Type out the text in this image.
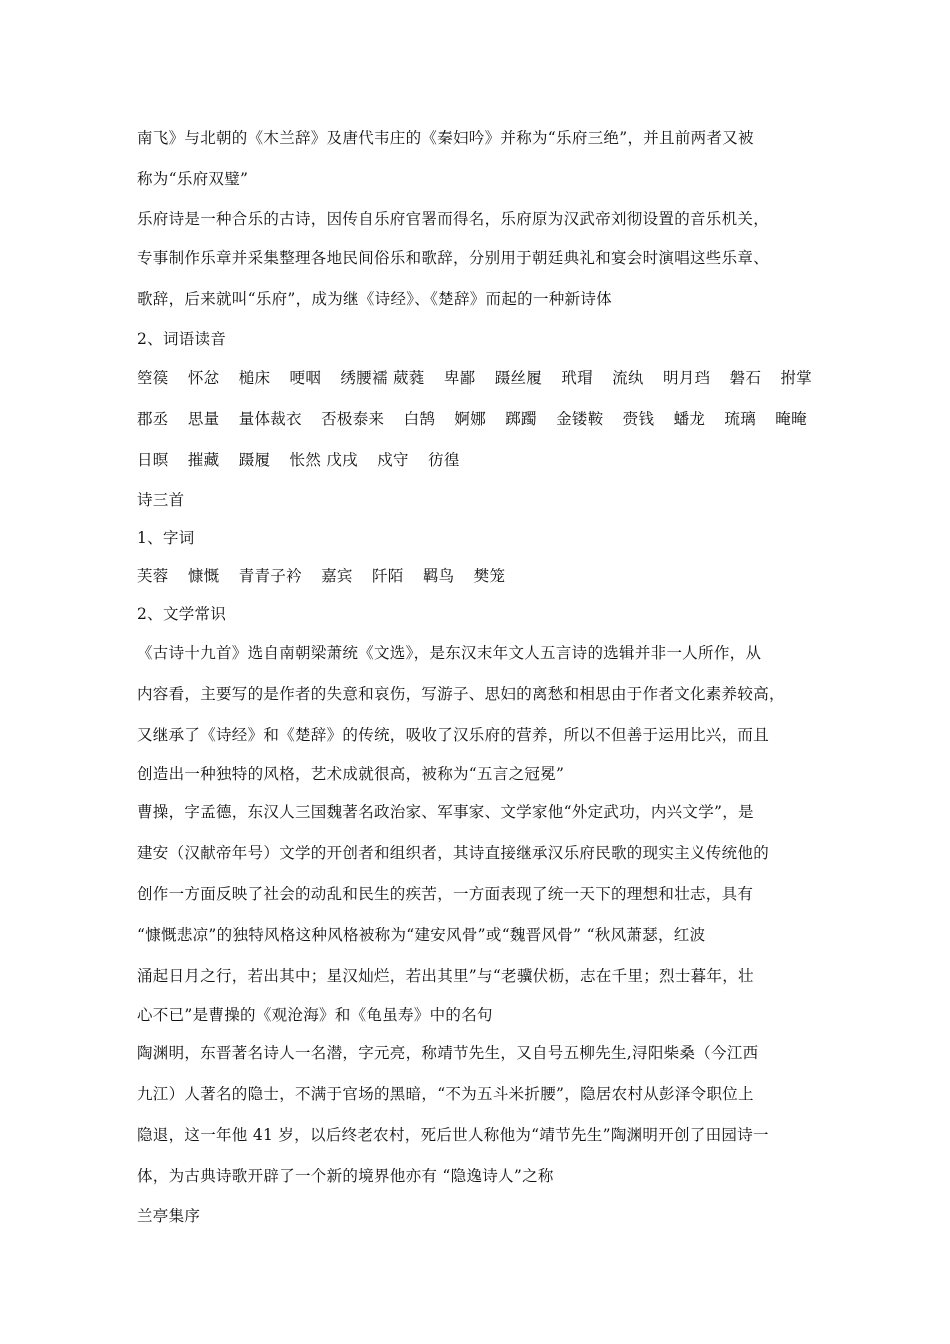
南飞》与北朝的《木兰辞》及唐代韦庄的《秦妇吟》并称为“乐府三绝”，并且前两者又被
称为“乐府双璧”
乐府诗是一种合乐的古诗，因传自乐府官署而得名，乐府原为汉武帝刘彻设置的音乐机关，
专事制作乐章并采集整理各地民间俗乐和歌辞，分别用于朝廷典礼和宴会时演唱这些乐章、
歌辞，后来就叫“乐府”，成为继《诗经》、《楚辞》而起的一种新诗体
2、词语读音
箜篌 怀忿 槌床 哽咽 绣腰襦 葳蕤 卑鄙 蹑丝履 玳瑁 流纨 明月珰 磐石 拊掌
郡丞 思量 量体裁衣 否极泰来 白鹄 婀娜 踯躅 金镂鞍 赍钱 蟠龙 琉璃 晻晻
日暝 摧藏 蹑履 怅然 戊戌 戍守 彷徨
诗三首
1、字词
芙蓉 慷慨 青青子衿 嘉宾 阡陌 羁鸟 樊笼
2、文学常识
《古诗十九首》选自南朝梁萧统《文选》，是东汉末年文人五言诗的选辑并非一人所作，从
内容看，主要写的是作者的失意和哀伤，写游子、思妇的离愁和相思由于作者文化素养较高，
又继承了《诗经》和《楚辞》的传统，吸收了汉乐府的营养，所以不但善于运用比兴，而且
创造出一种独特的风格，艺术成就很高，被称为“五言之冠冕”
曹操，字孟德，东汉人三国魏著名政治家、军事家、文学家他“外定武功，内兴文学”，是
建安（汉献帝年号）文学的开创者和组织者，其诗直接继承汉乐府民歌的现实主义传统他的
创作一方面反映了社会的动乱和民生的疾苦，一方面表现了统一天下的理想和壮志，具有
“慷慨悲凉”的独特风格这种风格被称为“建安风骨”或“魏晋风骨” “秋风萧瑟，红波
涌起日月之行，若出其中；星汉灿烂，若出其里”与“老骥伏枥，志在千里；烈士暮年，壮
心不已”是曹操的《观沧海》和《龟虽寿》中的名句
陶渊明，东晋著名诗人一名潜，字元亮，称靖节先生，又自号五柳先生,浔阳柴桑（今江西
九江）人著名的隐士，不满于官场的黑暗，“不为五斗米折腰”，隐居农村从彭泽令职位上
隐退，这一年他 41 岁，以后终老农村，死后世人称他为“靖节先生”陶渊明开创了田园诗一
体，为古典诗歌开辟了一个新的境界他亦有 “隐逸诗人”之称
兰亭集序
